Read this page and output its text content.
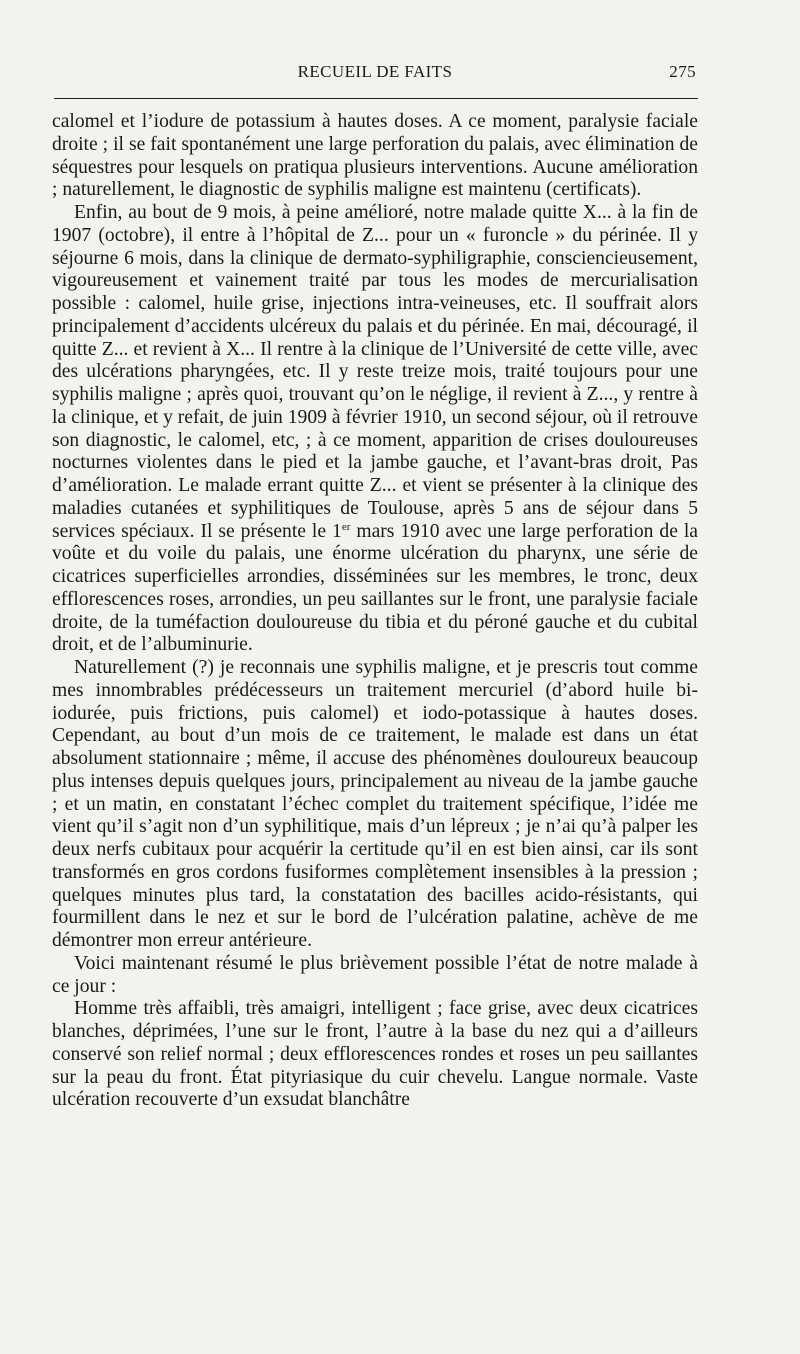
RECUEIL DE FAITS	275

calomel et l’iodure de potassium à hautes doses. A ce moment, paralysie faciale droite ; il se fait spontanément une large perforation du palais, avec élimination de séquestres pour lesquels on pratiqua plusieurs interventions. Aucune amélioration ; naturellement, le diagnostic de syphilis maligne est maintenu (certificats).

Enfin, au bout de 9 mois, à peine amélioré, notre malade quitte X... à la fin de 1907 (octobre), il entre à l’hôpital de Z... pour un « furoncle » du périnée. Il y séjourne 6 mois, dans la clinique de dermato-syphiligraphie, consciencieusement, vigoureusement et vainement traité par tous les modes de mercurialisation possible : calomel, huile grise, injections intra-veineuses, etc. Il souffrait alors principalement d’accidents ulcéreux du palais et du périnée. En mai, découragé, il quitte Z... et revient à X... Il rentre à la clinique de l’Université de cette ville, avec des ulcérations pharyngées, etc. Il y reste treize mois, traité toujours pour une syphilis maligne ; après quoi, trouvant qu’on le néglige, il revient à Z..., y rentre à la clinique, et y refait, de juin 1909 à février 1910, un second séjour, où il retrouve son diagnostic, le calomel, etc, ; à ce moment, apparition de crises douloureuses nocturnes violentes dans le pied et la jambe gauche, et l’avant-bras droit, Pas d’amélioration. Le malade errant quitte Z... et vient se présenter à la clinique des maladies cutanées et syphilitiques de Toulouse, après 5 ans de séjour dans 5 services spéciaux. Il se présente le 1er mars 1910 avec une large perforation de la voûte et du voile du palais, une énorme ulcération du pharynx, une série de cicatrices superficielles arrondies, disséminées sur les membres, le tronc, deux efflorescences roses, arrondies, un peu saillantes sur le front, une paralysie faciale droite, de la tuméfaction douloureuse du tibia et du péroné gauche et du cubital droit, et de l’albuminurie.

Naturellement (?) je reconnais une syphilis maligne, et je prescris tout comme mes innombrables prédécesseurs un traitement mercuriel (d’abord huile bi-iodurée, puis frictions, puis calomel) et iodo-potassique à hautes doses. Cependant, au bout d’un mois de ce traitement, le malade est dans un état absolument stationnaire ; même, il accuse des phénomènes douloureux beaucoup plus intenses depuis quelques jours, principalement au niveau de la jambe gauche ; et un matin, en constatant l’échec complet du traitement spécifique, l’idée me vient qu’il s’agit non d’un syphilitique, mais d’un lépreux ; je n’ai qu’à palper les deux nerfs cubitaux pour acquérir la certitude qu’il en est bien ainsi, car ils sont transformés en gros cordons fusiformes complètement insensibles à la pression ; quelques minutes plus tard, la constatation des bacilles acido-résistants, qui fourmillent dans le nez et sur le bord de l’ulcération palatine, achève de me démontrer mon erreur antérieure.

Voici maintenant résumé le plus brièvement possible l’état de notre malade à ce jour :

Homme très affaibli, très amaigri, intelligent ; face grise, avec deux cicatrices blanches, déprimées, l’une sur le front, l’autre à la base du nez qui a d’ailleurs conservé son relief normal ; deux efflorescences rondes et roses un peu saillantes sur la peau du front. État pityriasique du cuir chevelu. Langue normale. Vaste ulcération recouverte d’un exsudat blanchâtre
